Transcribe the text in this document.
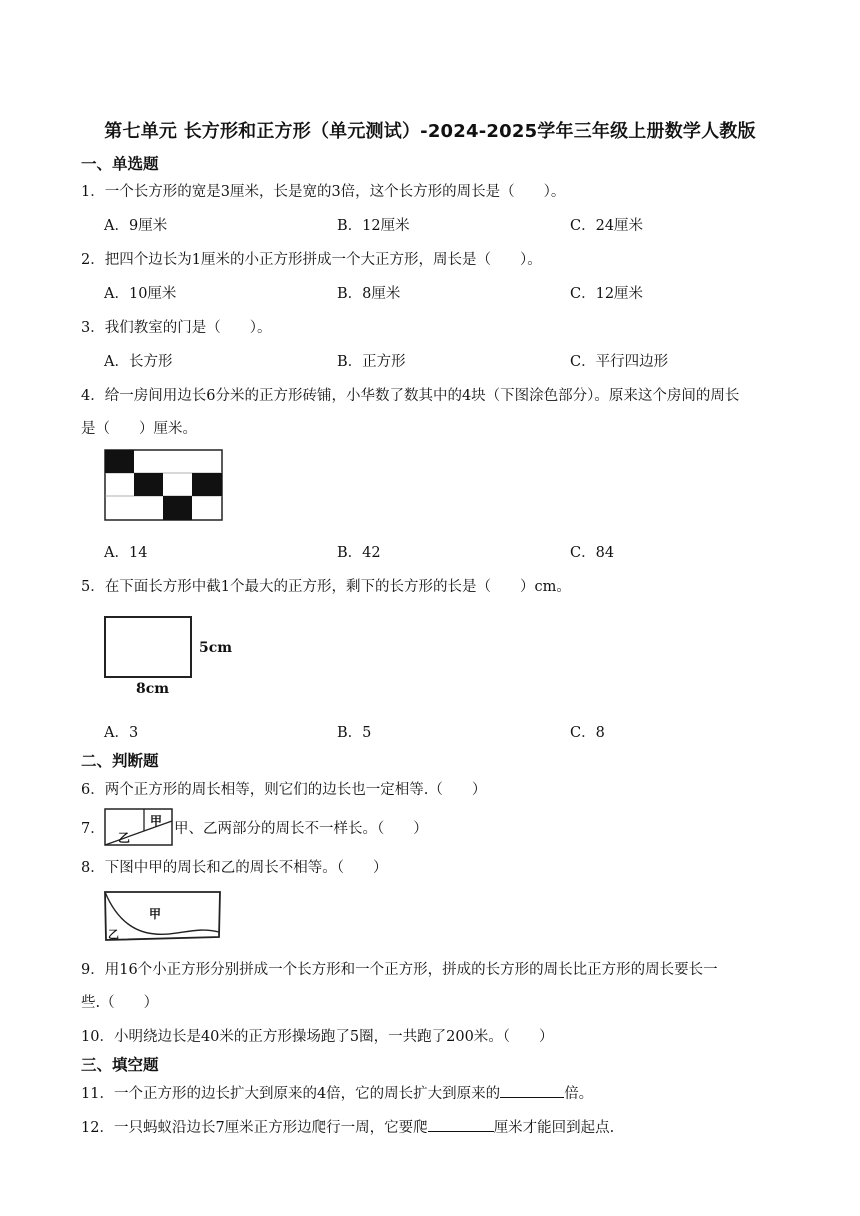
第七单元 长方形和正方形（单元测试）-2024-2025学年三年级上册数学人教版
一、单选题
1．一个长方形的宽是3厘米，长是宽的3倍，这个长方形的周长是（　　）。
A．9厘米	B．12厘米	C．24厘米
2．把四个边长为1厘米的小正方形拼成一个大正方形，周长是（　　）。
A．10厘米	B．8厘米	C．12厘米
3．我们教室的门是（　　）。
A．长方形	B．正方形	C．平行四边形
4．给一房间用边长6分米的正方形砖铺，小华数了数其中的4块（下图涂色部分）。原来这个房间的周长
是（　　）厘米。
A．14	B．42	C．84
5．在下面长方形中截1个最大的正方形，剩下的长方形的长是（　　）cm。
5cm
8cm
A．3	B．5	C．8
二、判断题
6．两个正方形的周长相等，则它们的边长也一定相等.（　　）
7．	甲
乙
甲、乙两部分的周长不一样长。（　　）
8．下图中甲的周长和乙的周长不相等。（　　）
甲
乙
9．用16个小正方形分别拼成一个长方形和一个正方形，拼成的长方形的周长比正方形的周长要长一
些.（　　）
10．小明绕边长是40米的正方形操场跑了5圈，一共跑了200米。（　　）
三、填空题
11．一个正方形的边长扩大到原来的4倍，它的周长扩大到原来的	倍。
12．一只蚂蚁沿边长7厘米正方形边爬行一周，它要爬	厘米才能回到起点.
